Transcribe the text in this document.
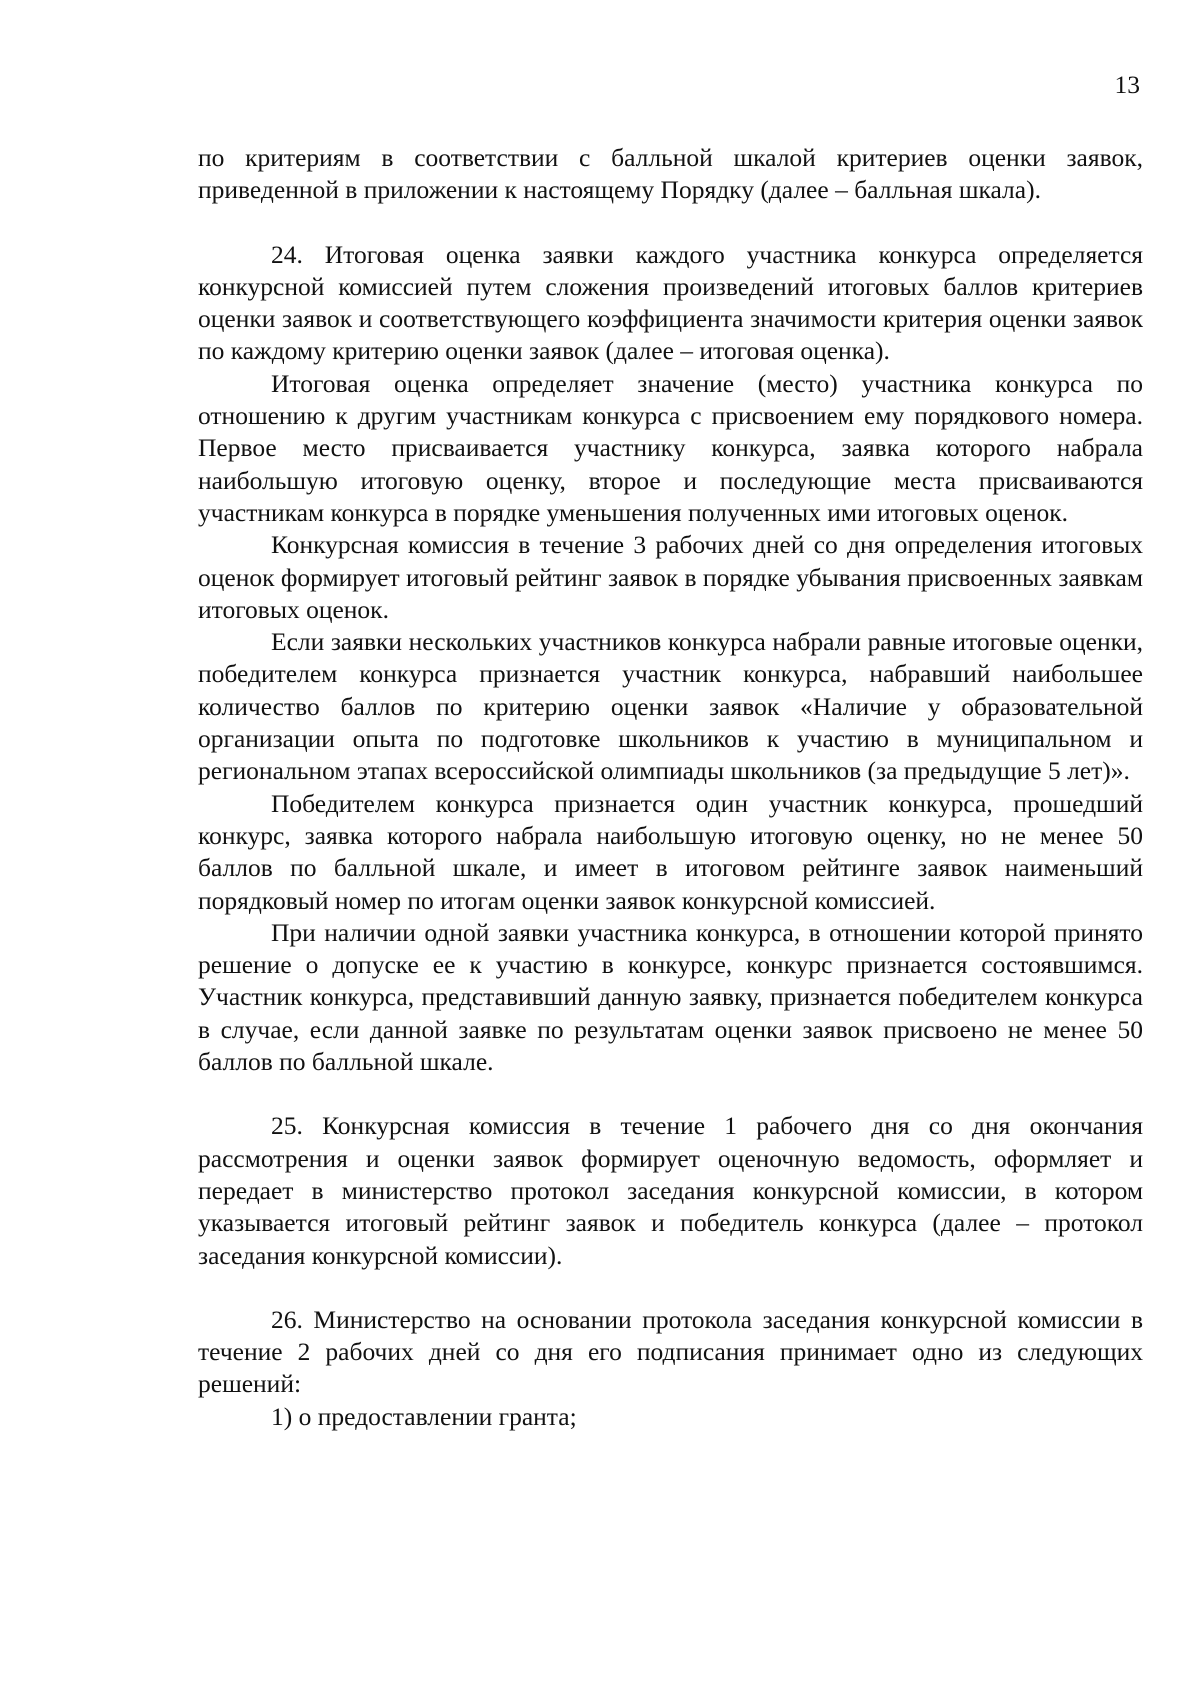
13

по критериям в соответствии с балльной шкалой критериев оценки заявок, приведенной в приложении к настоящему Порядку (далее – балльная шкала).

24. Итоговая оценка заявки каждого участника конкурса определяется конкурсной комиссией путем сложения произведений итоговых баллов критериев оценки заявок и соответствующего коэффициента значимости критерия оценки заявок по каждому критерию оценки заявок (далее – итоговая оценка).

Итоговая оценка определяет значение (место) участника конкурса по отношению к другим участникам конкурса с присвоением ему порядкового номера. Первое место присваивается участнику конкурса, заявка которого набрала наибольшую итоговую оценку, второе и последующие места присваиваются участникам конкурса в порядке уменьшения полученных ими итоговых оценок.

Конкурсная комиссия в течение 3 рабочих дней со дня определения итоговых оценок формирует итоговый рейтинг заявок в порядке убывания присвоенных заявкам итоговых оценок.

Если заявки нескольких участников конкурса набрали равные итоговые оценки, победителем конкурса признается участник конкурса, набравший наибольшее количество баллов по критерию оценки заявок «Наличие у образовательной организации опыта по подготовке школьников к участию в муниципальном и региональном этапах всероссийской олимпиады школьников (за предыдущие 5 лет)».

Победителем конкурса признается один участник конкурса, прошедший конкурс, заявка которого набрала наибольшую итоговую оценку, но не менее 50 баллов по балльной шкале, и имеет в итоговом рейтинге заявок наименьший порядковый номер по итогам оценки заявок конкурсной комиссией.

При наличии одной заявки участника конкурса, в отношении которой принято решение о допуске ее к участию в конкурсе, конкурс признается состоявшимся. Участник конкурса, представивший данную заявку, признается победителем конкурса в случае, если данной заявке по результатам оценки заявок присвоено не менее 50 баллов по балльной шкале.

25. Конкурсная комиссия в течение 1 рабочего дня со дня окончания рассмотрения и оценки заявок формирует оценочную ведомость, оформляет и передает в министерство протокол заседания конкурсной комиссии, в котором указывается итоговый рейтинг заявок и победитель конкурса (далее – протокол заседания конкурсной комиссии).

26. Министерство на основании протокола заседания конкурсной комиссии в течение 2 рабочих дней со дня его подписания принимает одно из следующих решений:

1) о предоставлении гранта;
